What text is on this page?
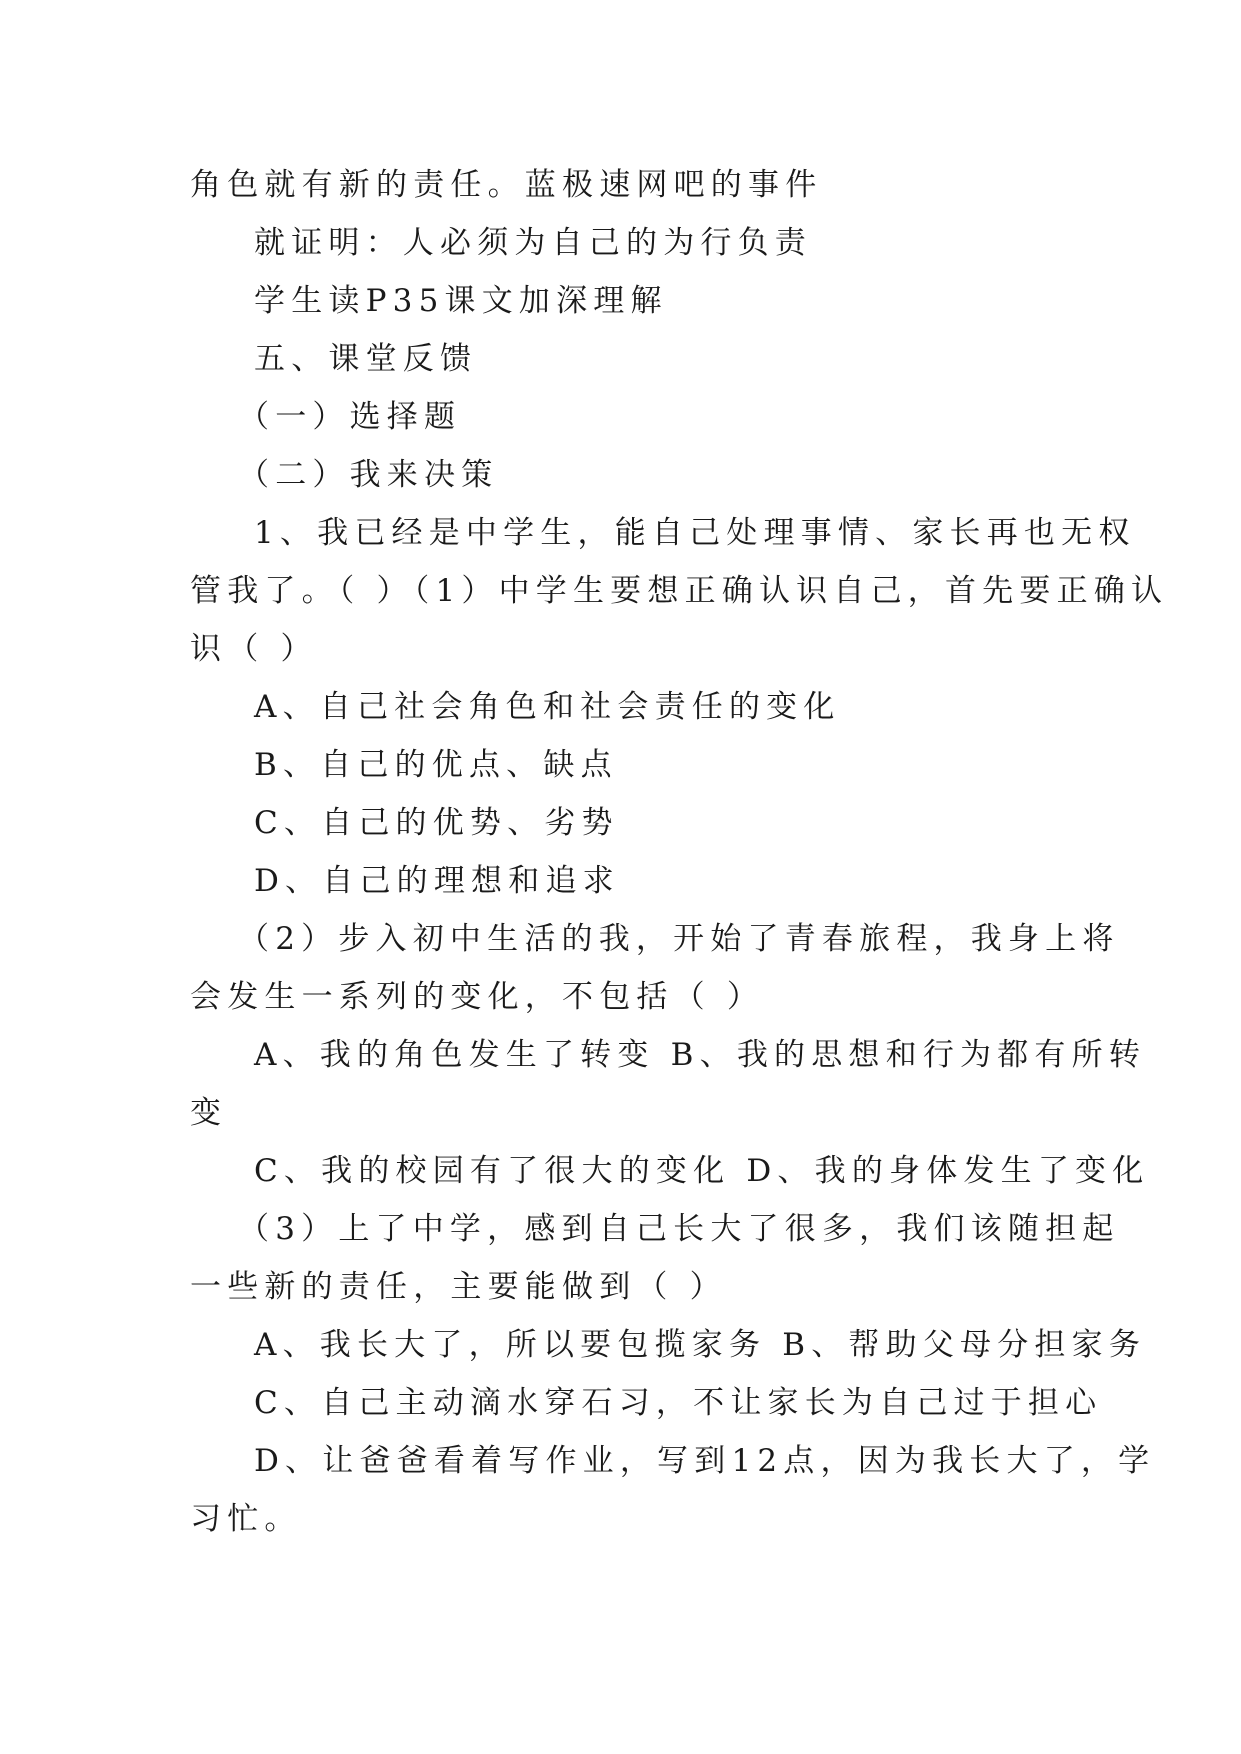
角色就有新的责任。蓝极速网吧的事件
就证明：人必须为自己的为行负责
学生读P35课文加深理解
五、课堂反馈
（一）选择题
（二）我来决策
1、我已经是中学生，能自己处理事情、家长再也无权
管我了。（ ）（1）中学生要想正确认识自己，首先要正确认
识（ ）
A、自己社会角色和社会责任的变化
B、自己的优点、缺点
C、自己的优势、劣势
D、自己的理想和追求
（2）步入初中生活的我，开始了青春旅程，我身上将
会发生一系列的变化，不包括（ ）
A、我的角色发生了转变 B、我的思想和行为都有所转
变
C、我的校园有了很大的变化 D、我的身体发生了变化
（3）上了中学，感到自己长大了很多，我们该随担起
一些新的责任，主要能做到（ ）
A、我长大了，所以要包揽家务 B、帮助父母分担家务
C、自己主动滴水穿石习，不让家长为自己过于担心
D、让爸爸看着写作业，写到12点，因为我长大了，学
习忙。
